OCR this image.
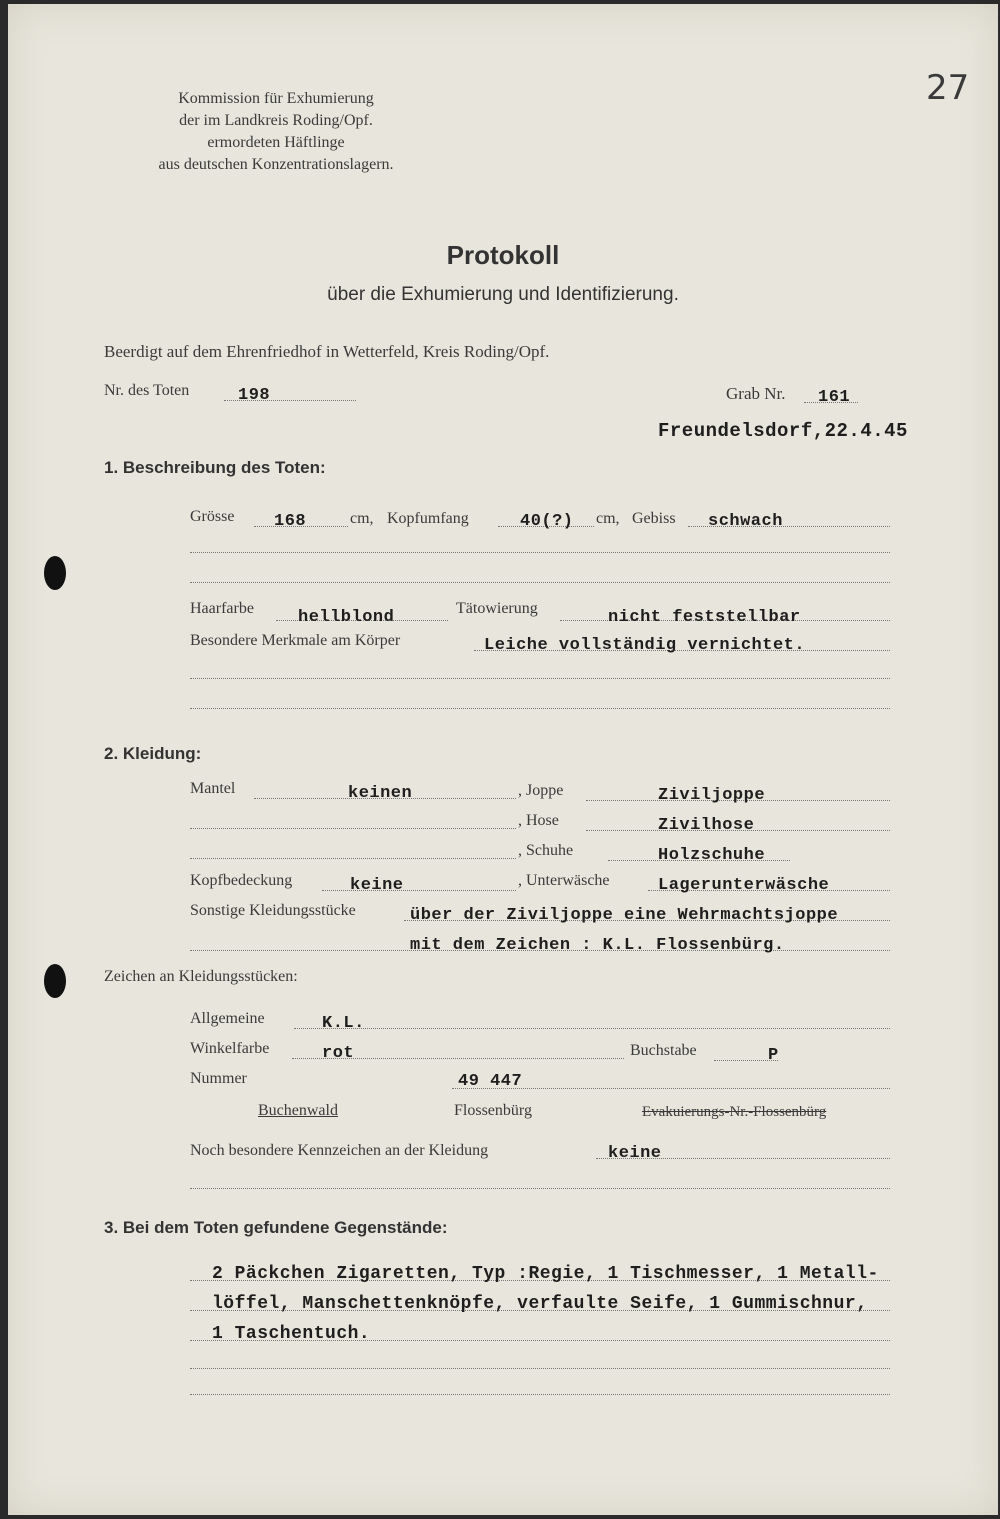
Kommission für Exhumierung
der im Landkreis Roding/Opf.
ermordeten Häftlinge
aus deutschen Konzentrationslagern.
27
Protokoll
über die Exhumierung und Identifizierung.
Beerdigt auf dem Ehrenfriedhof in Wetterfeld, Kreis Roding/Opf.
Nr. des Toten	198	Grab Nr. 161
Freundelsdorf,22.4.45
1. Beschreibung des Toten:
Grösse 168	cm, Kopfumfang	40(?) cm, Gebiss schwach
Haarfarbe	hellblond	Tätowierung	nicht feststellbar
Besondere Merkmale am Körper	Leiche vollständig vernichtet.
2. Kleidung:
Mantel	keinen	, Joppe	Ziviljoppe
, Hose	Zivilhose
, Schuhe	Holzschuhe
Kopfbedeckung	keine	, Unterwäsche	Lagerunterwäsche
Sonstige Kleidungsstücke	über der Ziviljoppe eine Wehrmachtsjoppe
mit dem Zeichen : K.L. Flossenbürg.
Zeichen an Kleidungsstücken:
Allgemeine	K.L.
Winkelfarbe	rot	Buchstabe	P
Nummer	49 447
Buchenwald	Flossenbürg	Evakuierungs-Nr.-Flossenbürg
Noch besondere Kennzeichen an der Kleidung	keine
3. Bei dem Toten gefundene Gegenstände:
2 Päckchen Zigaretten, Typ :Regie, 1 Tischmesser, 1 Metall-
löffel, Manschettenknöpfe, verfaulte Seife, 1 Gummischnur,
1 Taschentuch.
